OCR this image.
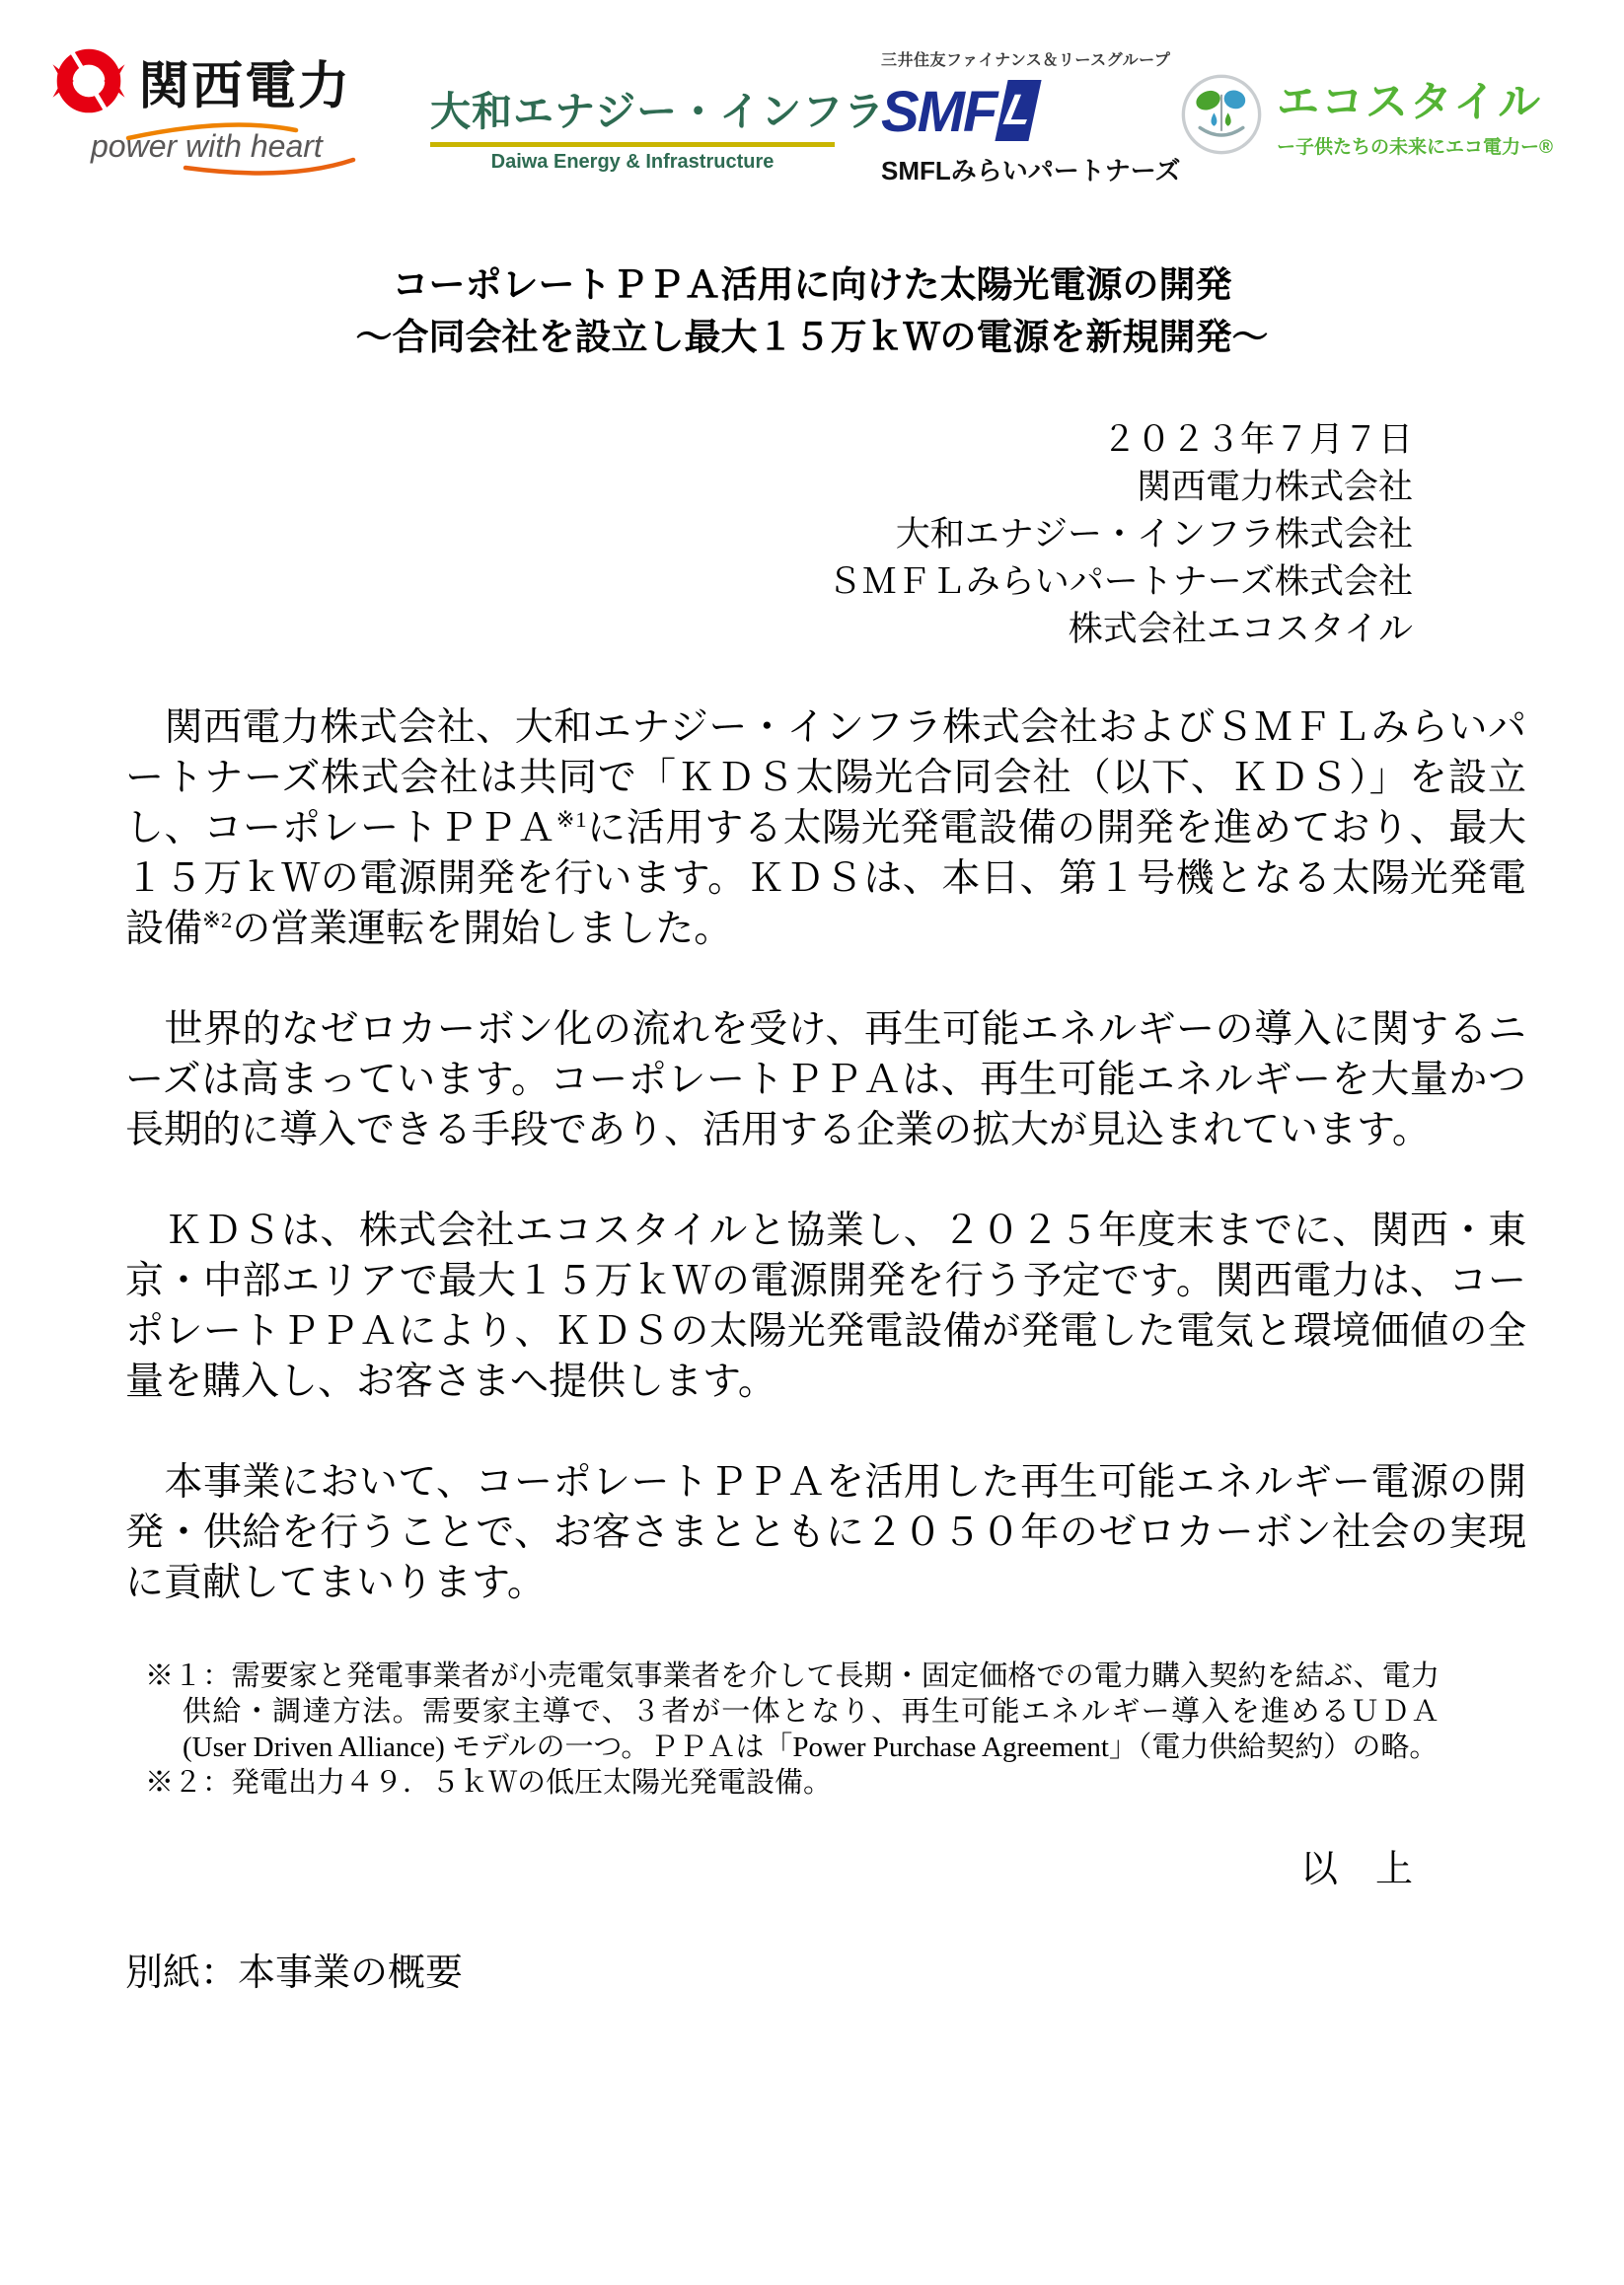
関西電力
power with heart
大和エナジー・インフラ
Daiwa Energy & Infrastructure
三井住友ファイナンス＆リースグループ
SMF L
SMFLみらいパートナーズ
エコスタイル
ー子供たちの未来にエコ電力ー®
コーポレートＰＰＡ活用に向けた太陽光電源の開発
～合同会社を設立し最大１５万ｋＷの電源を新規開発～
２０２３年７月７日
関西電力株式会社
大和エナジー・インフラ株式会社
ＳＭＦＬみらいパートナーズ株式会社
株式会社エコスタイル

　関西電力株式会社、大和エナジー・インフラ株式会社およびＳＭＦＬみらいパートナーズ株式会社は共同で「ＫＤＳ太陽光合同会社（以下、ＫＤＳ）」を設立し、コーポレートＰＰＡ$^{※1}$に活用する太陽光発電設備の開発を進めており、最大１５万ｋＷの電源開発を行います。ＫＤＳは、本日、第１号機となる太陽光発電設備$^{※2}$の営業運転を開始しました。

　世界的なゼロカーボン化の流れを受け、再生可能エネルギーの導入に関するニーズは高まっています。コーポレートＰＰＡは、再生可能エネルギーを大量かつ長期的に導入できる手段であり、活用する企業の拡大が見込まれています。

　ＫＤＳは、株式会社エコスタイルと協業し、２０２５年度末までに、関西・東京・中部エリアで最大１５万ｋＷの電源開発を行う予定です。関西電力は、コーポレートＰＰＡにより、ＫＤＳの太陽光発電設備が発電した電気と環境価値の全量を購入し、お客さまへ提供します。

　本事業において、コーポレートＰＰＡを活用した再生可能エネルギー電源の開発・供給を行うことで、お客さまとともに２０５０年のゼロカーボン社会の実現に貢献してまいります。

※１：需要家と発電事業者が小売電気事業者を介して長期・固定価格での電力購入契約を結ぶ、電力供給・調達方法。需要家主導で、３者が一体となり、再生可能エネルギー導入を進めるＵＤＡ (User Driven Alliance) モデルの一つ。ＰＰＡは「Power Purchase Agreement」（電力供給契約）の略。

※２：発電出力４９．５ｋＷの低圧太陽光発電設備。

以　上
別紙：本事業の概要
